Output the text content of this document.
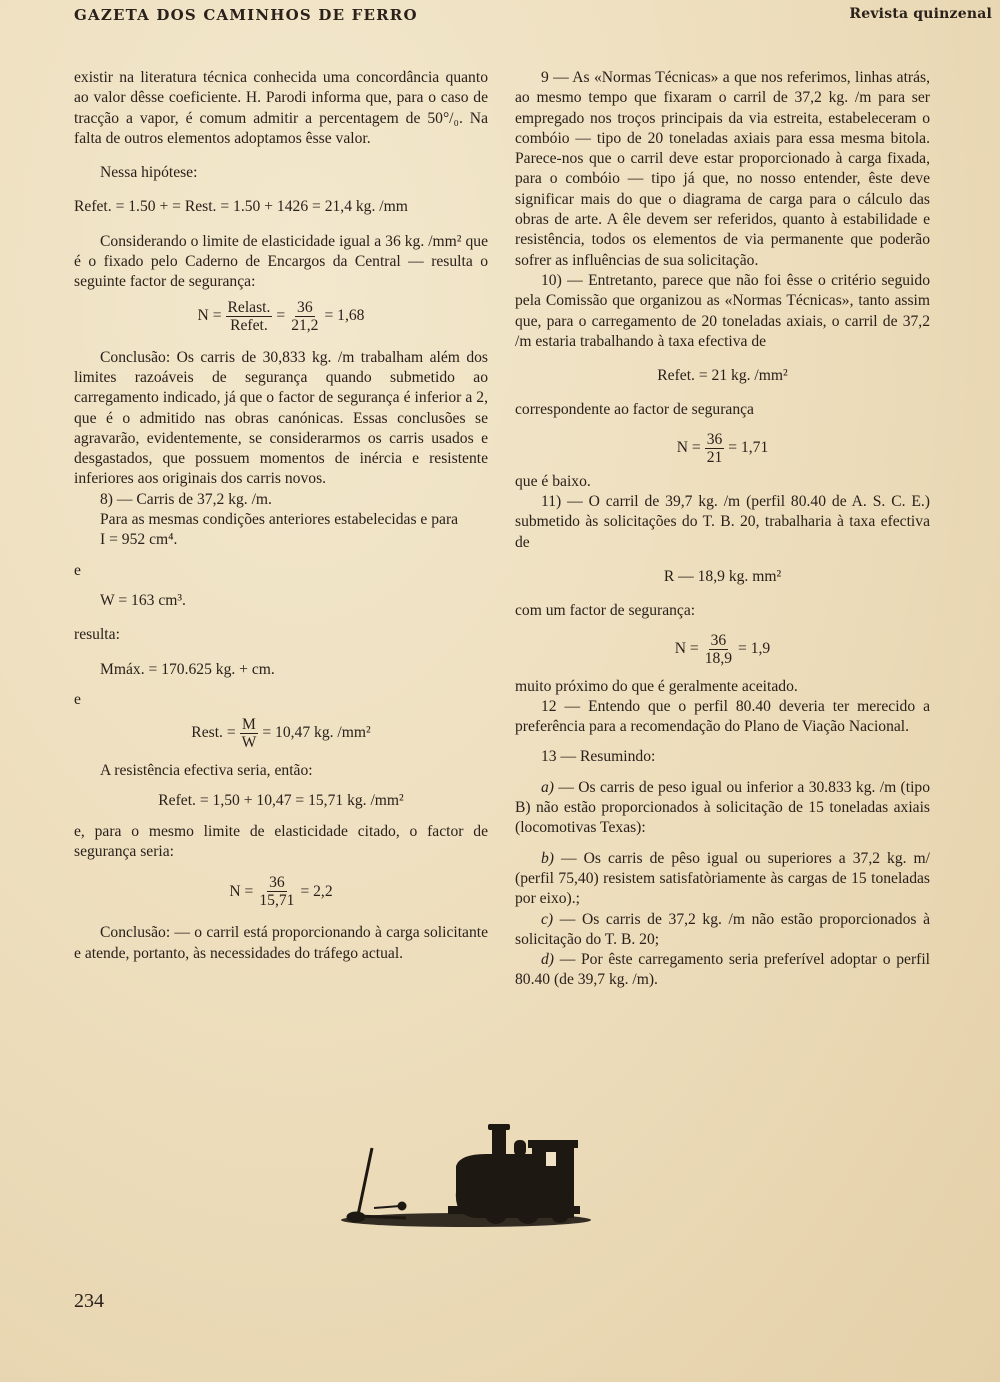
GAZETA DOS CAMINHOS DE FERRO	Revista quinzenal

existir na literatura técnica conhecida uma concordância quanto ao valor dêsse coeficiente. H. Parodi informa que, para o caso de tracção a vapor, é comum admitir a percentagem de 50°/₀. Na falta de outros elementos adoptamos êsse valor.

Nessa hipótese:

Refet. = 1.50 + = Rest. = 1.50 + 1426 = 21,4 kg. /mm

Considerando o limite de elasticidade igual a 36 kg. /mm² que é o fixado pelo Caderno de Encargos da Central — resulta o seguinte factor de segurança:

$N = \frac{\text{Relast.}}{\text{Refet.}} = \frac{36}{21,2} = 1,68$

Conclusão: Os carris de 30,833 kg. /m trabalham além dos limites razoáveis de segurança quando submetido ao carregamento indicado, já que o factor de segurança é inferior a 2, que é o admitido nas obras canónicas. Essas conclusões se agravarão, evidentemente, se considerarmos os carris usados e desgastados, que possuem momentos de inércia e resistente inferiores aos originais dos carris novos.

8) — Carris de 37,2 kg. /m.

Para as mesmas condições anteriores estabelecidas e para

I = 952 cm⁴.

e

W = 163 cm³.

resulta:

Mmáx. = 170.625 kg. + cm.

e

Rest. = $\frac{M}{W} = 10,47$ kg. /mm²

A resistência efectiva seria, então:

Refet. = 1,50 + 10,47 = 15,71 kg. /mm²

e, para o mesmo limite de elasticidade citado, o factor de segurança seria:

$N = \frac{36}{15,71} = 2,2$

Conclusão: — o carril está proporcionando à carga solicitante e atende, portanto, às necessidades do tráfego actual.

9 — As «Normas Técnicas» a que nos referimos, linhas atrás, ao mesmo tempo que fixaram o carril de 37,2 kg. /m para ser empregado nos troços principais da via estreita, estabeleceram o combóio — tipo de 20 toneladas axiais para essa mesma bitola. Parece-nos que o carril deve estar proporcionado à carga fixada, para o combóio — tipo já que, no nosso entender, êste deve significar mais do que o diagrama de carga para o cálculo das obras de arte. A êle devem ser referidos, quanto à estabilidade e resistência, todos os elementos de via permanente que poderão sofrer as influências de sua solicitação.

10) — Entretanto, parece que não foi êsse o critério seguido pela Comissão que organizou as «Normas Técnicas», tanto assim que, para o carregamento de 20 toneladas axiais, o carril de 37,2 /m estaria trabalhando à taxa efectiva de

Refet. = 21 kg. /mm²

correspondente ao factor de segurança

$N = \frac{36}{21} = 1,71$

que é baixo.

11) — O carril de 39,7 kg. /m (perfil 80.40 de A. S. C. E.) submetido às solicitações do T. B. 20, trabalharia à taxa efectiva de

R — 18,9 kg. mm²

com um factor de segurança:

$N = \frac{36}{18,9} = 1,9$

muito próximo do que é geralmente aceitado.

12 — Entendo que o perfil 80.40 deveria ter merecido a preferência para a recomendação do Plano de Viação Nacional.

13 — Resumindo:

a) — Os carris de peso igual ou inferior a 30.833 kg. /m (tipo B) não estão proporcionados à solicitação de 15 toneladas axiais (locomotivas Texas):

b) — Os carris de pêso igual ou superiores a 37,2 kg. m/ (perfil 75,40) resistem satisfatòriamente às cargas de 15 toneladas por eixo).;

c) — Os carris de 37,2 kg. /m não estão proporcionados à solicitação do T. B. 20;

d) — Por êste carregamento seria preferível adoptar o perfil 80.40 (de 39,7 kg. /m).

234
